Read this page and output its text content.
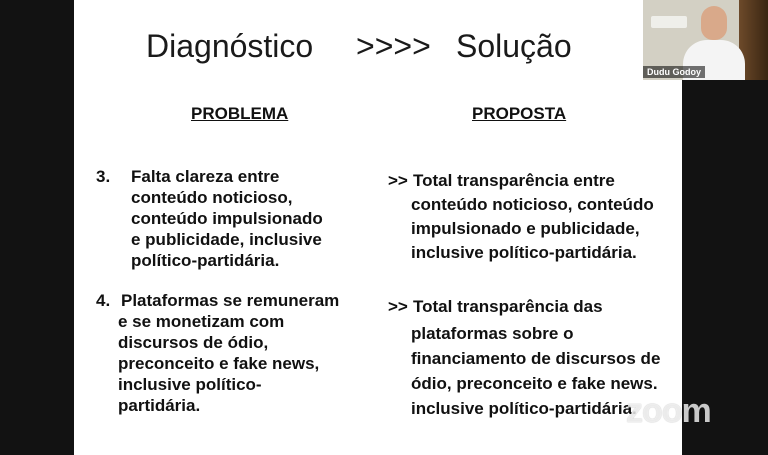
Diagnóstico >>>> Solução
PROBLEMA	PROPOSTA
3. Falta clareza entre
conteúdo noticioso,
conteúdo impulsionado
e publicidade, inclusive
político-partidária.
4. Plataformas se remuneram
e se monetizam com
discursos de ódio,
preconceito e fake news,
inclusive político-
partidária.
>> Total transparência entre
conteúdo noticioso, conteúdo
impulsionado e publicidade,
inclusive político-partidária.
>> Total transparência das
plataformas sobre o
financiamento de discursos de
ódio, preconceito e fake news.
inclusive político-partidária.
Dudu Godoy
zoom
